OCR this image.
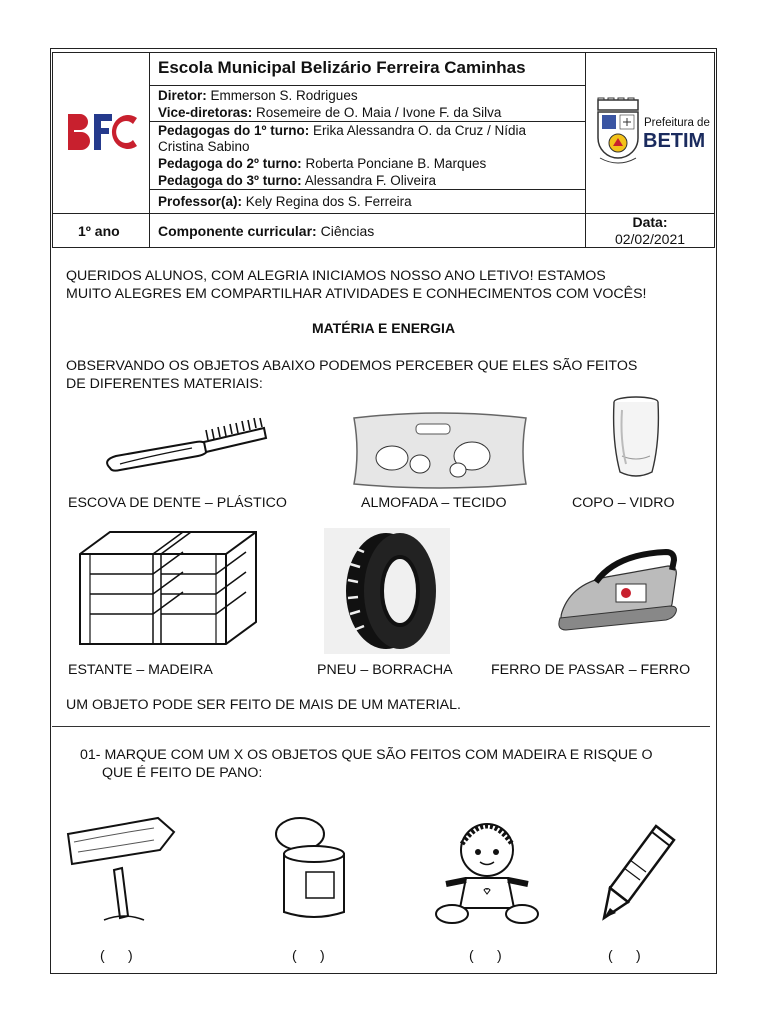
Escola Municipal Belizário Ferreira Caminhas
Diretor: Emmerson S. Rodrigues
Vice-diretoras: Rosemeire de O. Maia / Ivone F. da Silva
Pedagogas do 1º turno: Erika Alessandra O. da Cruz / Nídia
Cristina Sabino
Pedagoga do 2º turno: Roberta Ponciane B. Marques
Pedagoga do 3º turno: Alessandra F. Oliveira
Professor(a): Kely Regina dos S. Ferreira
Prefeitura de
BETIM
1º ano	Componente curricular: Ciências
Data:
02/02/2021
QUERIDOS ALUNOS, COM ALEGRIA INICIAMOS NOSSO ANO LETIVO! ESTAMOS
MUITO ALEGRES EM COMPARTILHAR ATIVIDADES E CONHECIMENTOS COM VOCÊS!
MATÉRIA E ENERGIA
OBSERVANDO OS OBJETOS ABAIXO PODEMOS PERCEBER QUE ELES SÃO FEITOS
DE DIFERENTES MATERIAIS:
ESCOVA DE DENTE – PLÁSTICO	ALMOFADA – TECIDO	COPO – VIDRO
ESTANTE – MADEIRA	PNEU – BORRACHA	FERRO DE PASSAR – FERRO
UM OBJETO PODE SER FEITO DE MAIS DE UM MATERIAL.
01- MARQUE COM UM X OS OBJETOS QUE SÃO FEITOS COM MADEIRA E RISQUE O
QUE É FEITO DE PANO:
(      )	(      )	(      )	(      )
